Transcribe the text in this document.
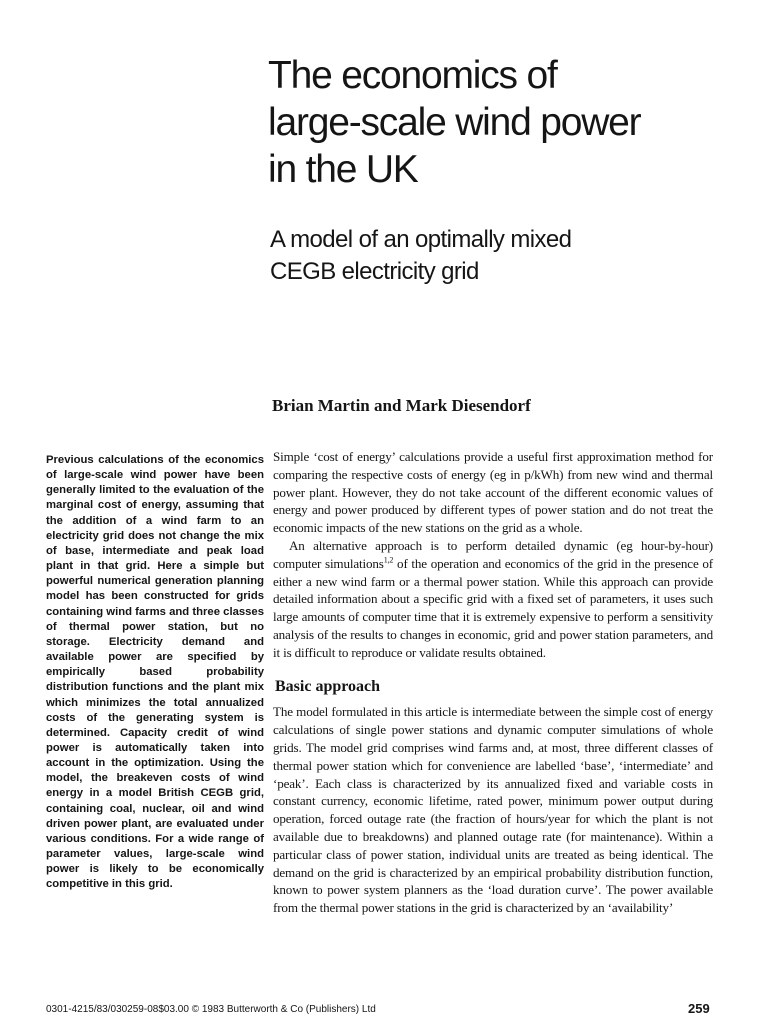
The economics of
large-scale wind power
in the UK
A model of an optimally mixed
CEGB electricity grid
Brian Martin and Mark Diesendorf

Previous calculations of the economics of large-scale wind power have been generally limited to the evaluation of the marginal cost of energy, assuming that the addition of a wind farm to an electricity grid does not change the mix of base, intermediate and peak load plant in that grid. Here a simple but powerful numerical generation planning model has been constructed for grids containing wind farms and three classes of thermal power station, but no storage. Electricity demand and available power are specified by empirically based probability distribution functions and the plant mix which minimizes the total annualized costs of the generating system is determined. Capacity credit of wind power is automatically taken into account in the optimization. Using the model, the breakeven costs of wind energy in a model British CEGB grid, containing coal, nuclear, oil and wind driven power plant, are evaluated under various conditions. For a wide range of parameter values, large-scale wind power is likely to be economically competitive in this grid.

Simple ‘cost of energy’ calculations provide a useful first approximation method for comparing the respective costs of energy (eg in p/kWh) from new wind and thermal power plant. However, they do not take account of the different economic values of energy and power produced by different types of power station and do not treat the economic impacts of the new stations on the grid as a whole.

An alternative approach is to perform detailed dynamic (eg hour-by-hour) computer simulations$^{1,2}$ of the operation and economics of the grid in the presence of either a new wind farm or a thermal power station. While this approach can provide detailed information about a specific grid with a fixed set of parameters, it uses such large amounts of computer time that it is extremely expensive to perform a sensitivity analysis of the results to changes in economic, grid and power station parameters, and it is difficult to reproduce or validate results obtained.

Basic approach

The model formulated in this article is intermediate between the simple cost of energy calculations of single power stations and dynamic computer simulations of whole grids. The model grid comprises wind farms and, at most, three different classes of thermal power station which for convenience are labelled ‘base’, ‘intermediate’ and ‘peak’. Each class is characterized by its annualized fixed and variable costs in constant currency, economic lifetime, rated power, minimum power output during operation, forced outage rate (the fraction of hours/year for which the plant is not available due to breakdowns) and planned outage rate (for maintenance). Within a particular class of power station, individual units are treated as being identical. The demand on the grid is characterized by an empirical probability distribution function, known to power system planners as the ‘load duration curve’. The power available from the thermal power stations in the grid is characterized by an ‘availability’

0301-4215/83/030259-08$03.00 © 1983 Butterworth & Co (Publishers) Ltd	259
